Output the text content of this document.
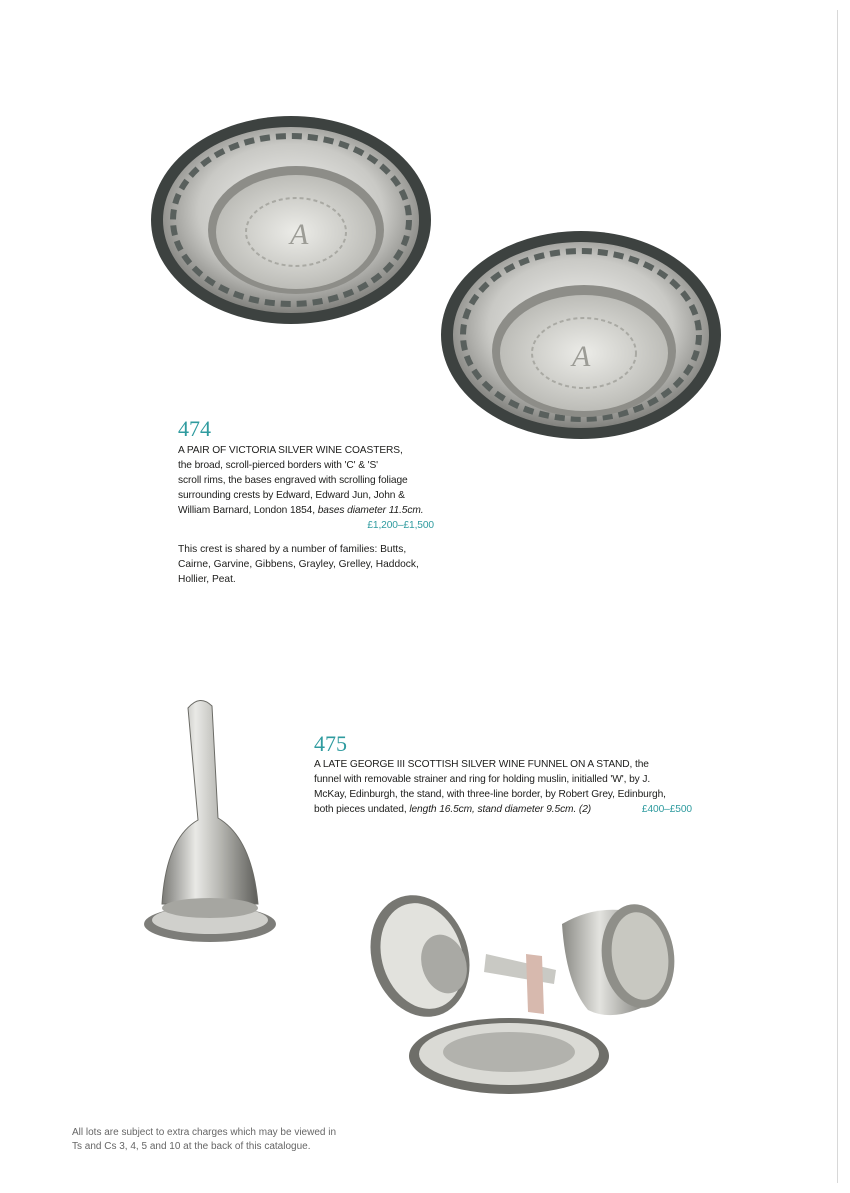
A
A
474
A PAIR OF VICTORIA SILVER WINE COASTERS,
the broad, scroll-pierced borders with 'C' & 'S'
scroll rims, the bases engraved with scrolling foliage
surrounding crests by Edward, Edward Jun, John &
William Barnard, London 1854, bases diameter 11.5cm.
£1,200–£1,500
This crest is shared by a number of families: Butts,
Cairne, Garvine, Gibbens, Grayley, Grelley, Haddock,
Hollier, Peat.
475
A LATE GEORGE III SCOTTISH SILVER WINE FUNNEL ON A STAND, the
funnel with removable strainer and ring for holding muslin, initialled 'W', by J.
McKay, Edinburgh, the stand, with three-line border, by Robert Grey, Edinburgh,
both pieces undated, length 16.5cm, stand diameter 9.5cm. (2)	£400–£500
All lots are subject to extra charges which may be viewed in
Ts and Cs 3, 4, 5 and 10 at the back of this catalogue.
